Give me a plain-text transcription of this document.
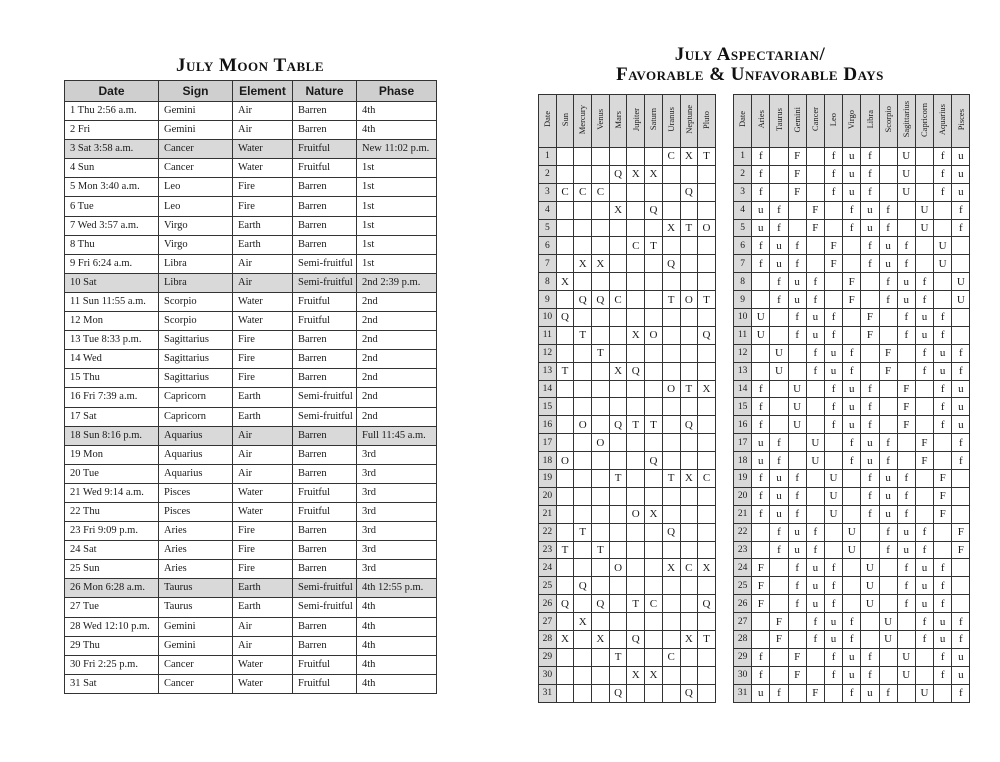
July Moon Table
Date	Sign	Element	Nature	Phase
1 Thu 2:56 a.m.	Gemini	Air	Barren	4th
2 Fri	Gemini	Air	Barren	4th
3 Sat 3:58 a.m.	Cancer	Water	Fruitful	New 11:02 p.m.
4 Sun	Cancer	Water	Fruitful	1st
5 Mon 3:40 a.m.	Leo	Fire	Barren	1st
6 Tue	Leo	Fire	Barren	1st
7 Wed 3:57 a.m.	Virgo	Earth	Barren	1st
8 Thu	Virgo	Earth	Barren	1st
9 Fri 6:24 a.m.	Libra	Air	Semi-fruitful	1st
10 Sat	Libra	Air	Semi-fruitful	2nd 2:39 p.m.
11 Sun 11:55 a.m.	Scorpio	Water	Fruitful	2nd
12 Mon	Scorpio	Water	Fruitful	2nd
13 Tue 8:33 p.m.	Sagittarius	Fire	Barren	2nd
14 Wed	Sagittarius	Fire	Barren	2nd
15 Thu	Sagittarius	Fire	Barren	2nd
16 Fri 7:39 a.m.	Capricorn	Earth	Semi-fruitful	2nd
17 Sat	Capricorn	Earth	Semi-fruitful	2nd
18 Sun 8:16 p.m.	Aquarius	Air	Barren	Full 11:45 a.m.
19 Mon	Aquarius	Air	Barren	3rd
20 Tue	Aquarius	Air	Barren	3rd
21 Wed 9:14 a.m.	Pisces	Water	Fruitful	3rd
22 Thu	Pisces	Water	Fruitful	3rd
23 Fri 9:09 p.m.	Aries	Fire	Barren	3rd
24 Sat	Aries	Fire	Barren	3rd
25 Sun	Aries	Fire	Barren	3rd
26 Mon 6:28 a.m.	Taurus	Earth	Semi-fruitful	4th 12:55 p.m.
27 Tue	Taurus	Earth	Semi-fruitful	4th
28 Wed 12:10 p.m.	Gemini	Air	Barren	4th
29 Thu	Gemini	Air	Barren	4th
30 Fri 2:25 p.m.	Cancer	Water	Fruitful	4th
31 Sat	Cancer	Water	Fruitful	4th
July Aspectarian/
Favorable & Unfavorable Days
Date	Sun	Mercury	Venus	Mars	Jupiter	Saturn	Uranus	Neptune	Pluto
1							C	X	T
2				Q	X	X			
3	C	C	C					Q	
4				X		Q			
5							X	T	O
6					C	T			
7		X	X				Q		
8	X								
9		Q	Q	C			T	O	T
10	Q								
11		T			X	O			Q
12			T						
13	T			X	Q				
14							O	T	X
15									
16		O		Q	T	T		Q	
17			O						
18	O					Q			
19				T			T	X	C
20									
21					O	X			
22		T					Q		
23	T		T						
24				O			X	C	X
25		Q							
26	Q		Q		T	C			Q
27		X							
28	X		X		Q			X	T
29				T			C		
30					X	X			
31				Q				Q	
Date	Aries	Taurus	Gemini	Cancer	Leo	Virgo	Libra	Scorpio	Sagittarius	Capricorn	Aquarius	Pisces
1	f		F		f	u	f		U		f	u
2	f		F		f	u	f		U		f	u
3	f		F		f	u	f		U		f	u
4	u	f		F		f	u	f		U		f
5	u	f		F		f	u	f		U		f
6	f	u	f		F		f	u	f		U	
7	f	u	f		F		f	u	f		U	
8		f	u	f		F		f	u	f		U
9		f	u	f		F		f	u	f		U
10	U		f	u	f		F		f	u	f	
11	U		f	u	f		F		f	u	f	
12		U		f	u	f		F		f	u	f
13		U		f	u	f		F		f	u	f
14	f		U		f	u	f		F		f	u
15	f		U		f	u	f		F		f	u
16	f		U		f	u	f		F		f	u
17	u	f		U		f	u	f		F		f
18	u	f		U		f	u	f		F		f
19	f	u	f		U		f	u	f		F	
20	f	u	f		U		f	u	f		F	
21	f	u	f		U		f	u	f		F	
22		f	u	f		U		f	u	f		F
23		f	u	f		U		f	u	f		F
24	F		f	u	f		U		f	u	f	
25	F		f	u	f		U		f	u	f	
26	F		f	u	f		U		f	u	f	
27		F		f	u	f		U		f	u	f
28		F		f	u	f		U		f	u	f
29	f		F		f	u	f		U		f	u
30	f		F		f	u	f		U		f	u
31	u	f		F		f	u	f		U		f
